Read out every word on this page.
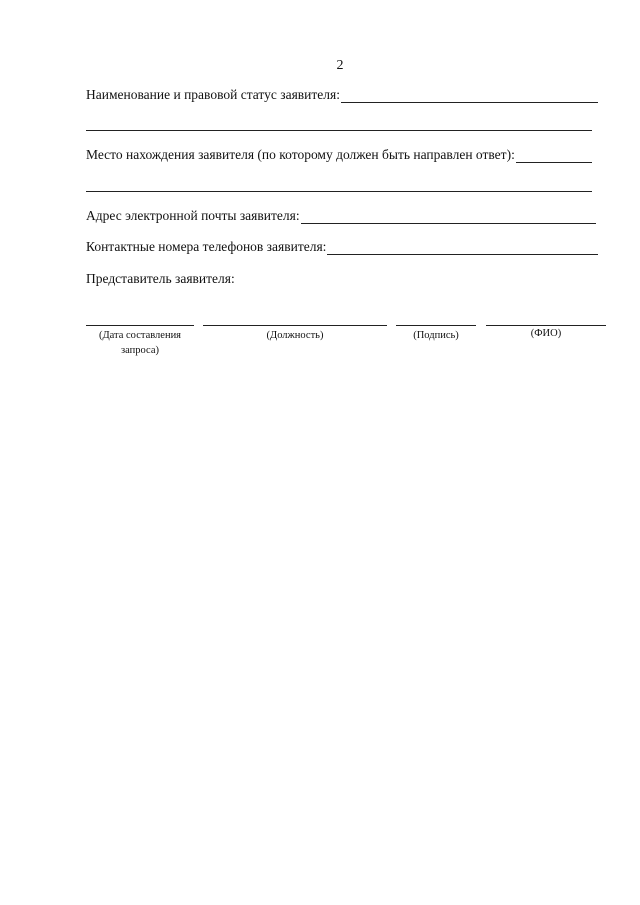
2
Наименование и правовой статус заявителя:
Место нахождения заявителя (по которому должен быть направлен ответ):
Адрес электронной почты заявителя:
Контактные номера телефонов заявителя:
Представитель заявителя:
(Дата составления запроса)
(Должность)	(Подпись)	(ФИО)
